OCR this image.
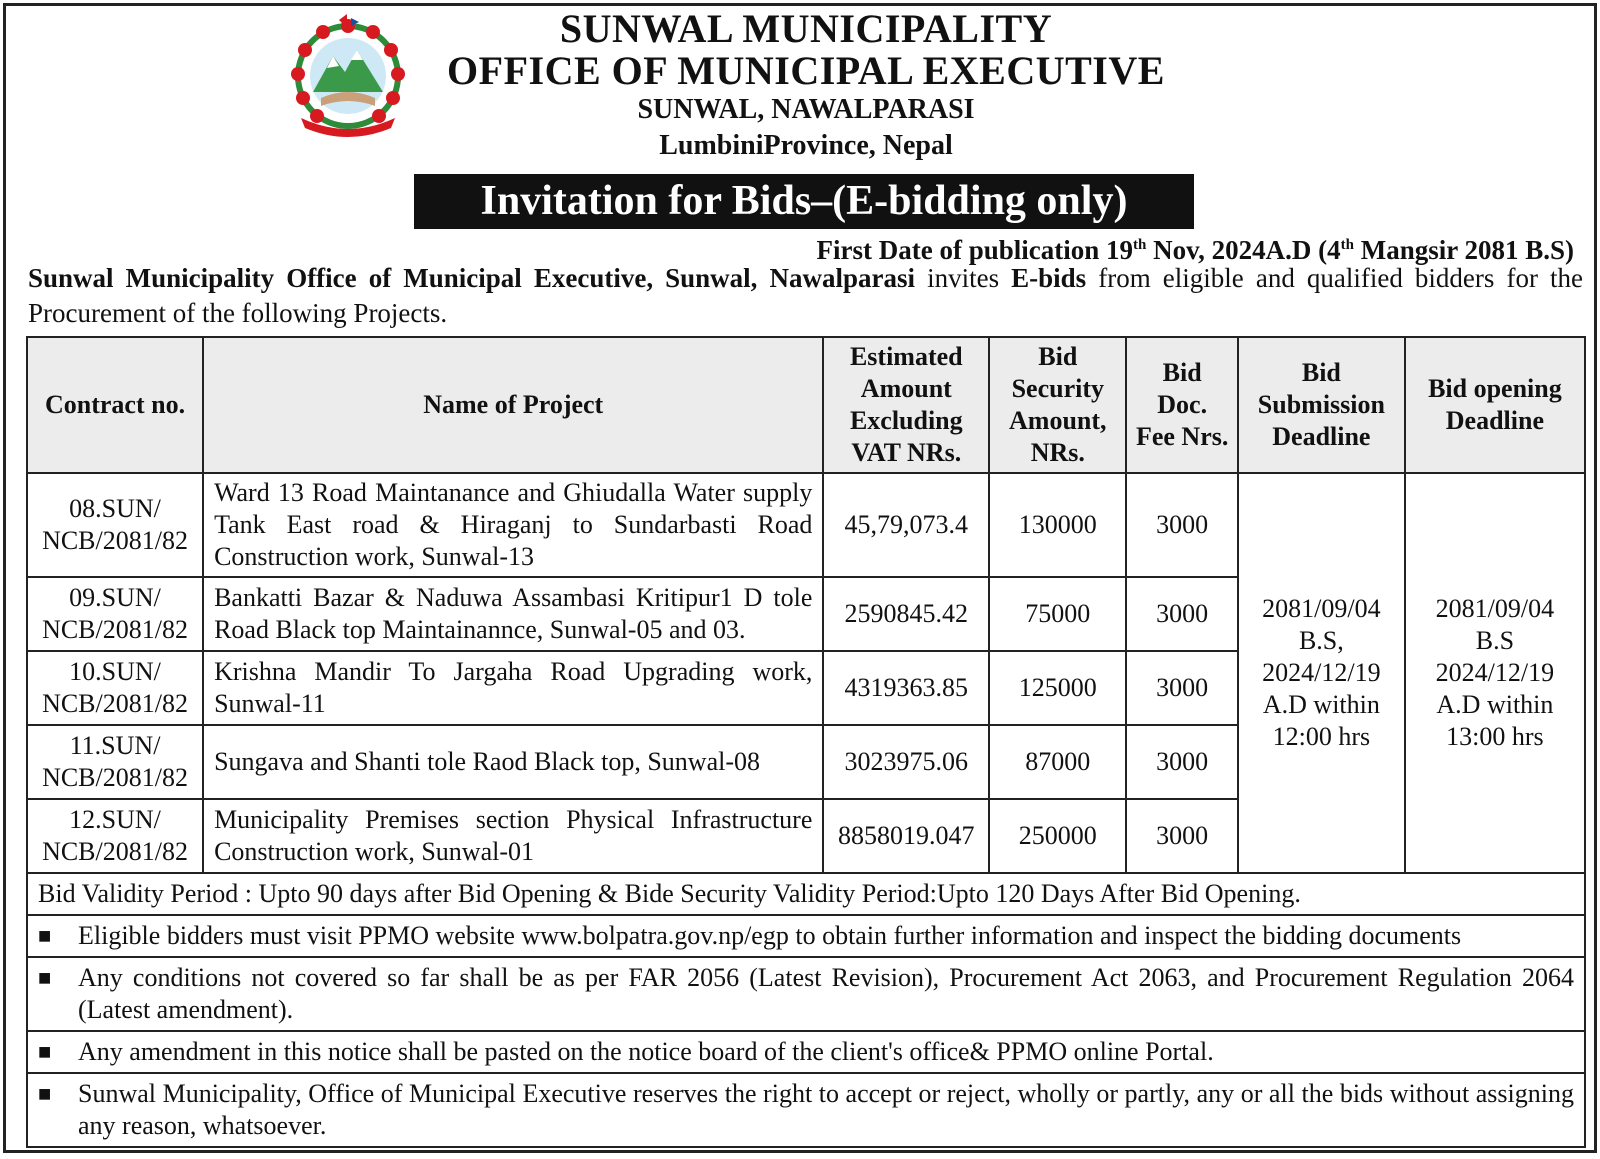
SUNWAL MUNICIPALITY
OFFICE OF MUNICIPAL EXECUTIVE
SUNWAL, NAWALPARASI
LumbiniProvince, Nepal
Invitation for Bids–(E-bidding only)
First Date of publication 19th Nov, 2024A.D (4th Mangsir 2081 B.S)
Sunwal Municipality Office of Municipal Executive, Sunwal, Nawalparasi invites E-bids from eligible and qualified bidders for the Procurement of the following Projects.
Contract no.	Name of Project	Estimated Amount Excluding VAT NRs.	Bid Security Amount, NRs.	Bid Doc. Fee Nrs.	Bid Submission Deadline	Bid opening Deadline
08.SUN/ NCB/2081/82	Ward 13 Road Maintanance and Ghiudalla Water supply Tank East road & Hiraganj to Sundarbasti Road Construction work, Sunwal-13	45,79,073.4	130000	3000	2081/09/04 B.S, 2024/12/19 A.D within 12:00 hrs	2081/09/04 B.S 2024/12/19 A.D within 13:00 hrs
09.SUN/ NCB/2081/82	Bankatti Bazar & Naduwa Assambasi Kritipur1 D tole Road Black top Maintainannce, Sunwal-05 and 03.	2590845.42	75000	3000		
10.SUN/ NCB/2081/82	Krishna Mandir To Jargaha Road Upgrading work, Sunwal-11	4319363.85	125000	3000		
11.SUN/ NCB/2081/82	Sungava and Shanti tole Raod Black top, Sunwal-08	3023975.06	87000	3000		
12.SUN/ NCB/2081/82	Municipality Premises section Physical Infrastructure Construction work, Sunwal-01	8858019.047	250000	3000		
Bid Validity Period : Upto 90 days after Bid Opening & Bide Security Validity Period:Upto 120 Days After Bid Opening.						

■ Eligible bidders must visit PPMO website www.bolpatra.gov.np/egp to obtain further information and inspect the bidding documents						

■ Any conditions not covered so far shall be as per FAR 2056 (Latest Revision), Procurement Act 2063, and Procurement Regulation 2064 (Latest amendment).						

■ Any amendment in this notice shall be pasted on the notice board of the client's office& PPMO online Portal.						

■ Sunwal Municipality, Office of Municipal Executive reserves the right to accept or reject, wholly or partly, any or all the bids without assigning any reason, whatsoever.						
